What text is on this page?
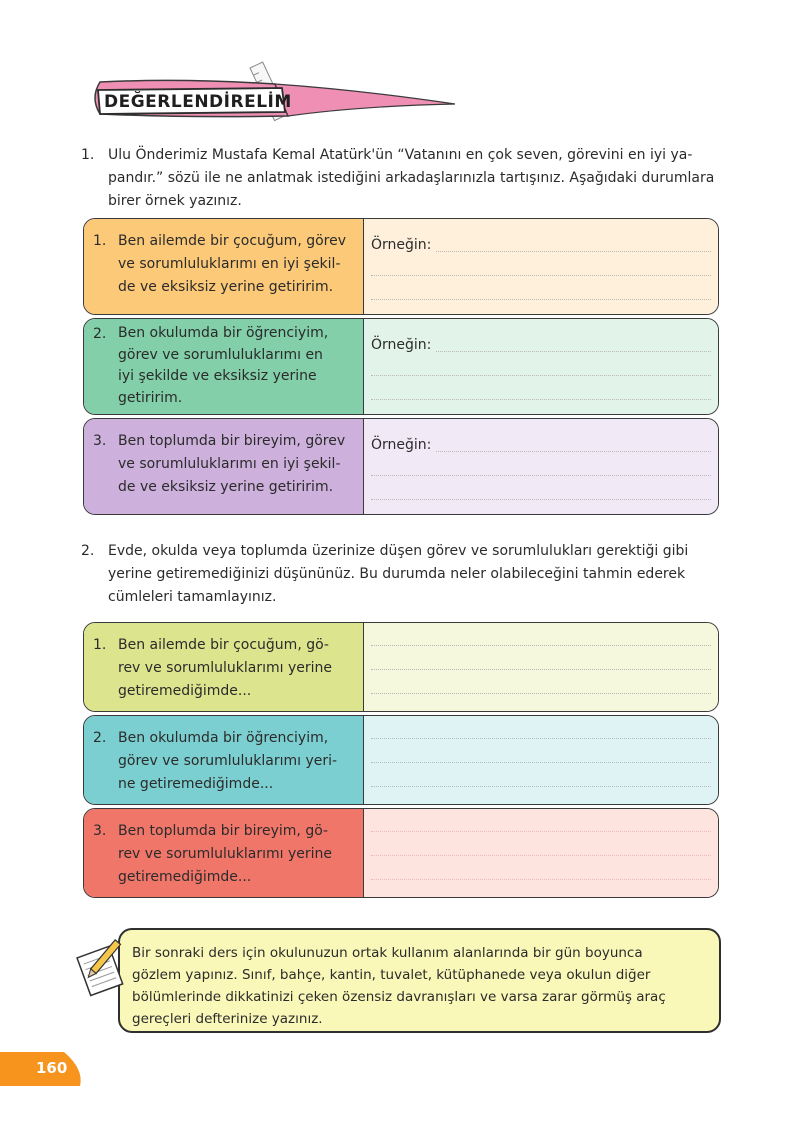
DEĞERLENDİRELİM
1. Ulu Önderimiz Mustafa Kemal Atatürk'ün “Vatanını en çok seven, görevini en iyi ya-
pandır.” sözü ile ne anlatmak istediğini arkadaşlarınızla tartışınız. Aşağıdaki durumlara
birer örnek yazınız.
1. Ben ailemde bir çocuğum, görev
ve sorumluluklarımı en iyi şekil-
de ve eksiksiz yerine getiririm.
Örneğin:
2. Ben okulumda bir öğrenciyim,
görev ve sorumluluklarımı en
iyi şekilde ve eksiksiz yerine
getiririm.
Örneğin:
3. Ben toplumda bir bireyim, görev
ve sorumluluklarımı en iyi şekil-
de ve eksiksiz yerine getiririm.
Örneğin:
2. Evde, okulda veya toplumda üzerinize düşen görev ve sorumlulukları gerektiği gibi
yerine getiremediğinizi düşününüz. Bu durumda neler olabileceğini tahmin ederek
cümleleri tamamlayınız.
1. Ben ailemde bir çocuğum, gö-
rev ve sorumluluklarımı yerine
getiremediğimde...
2. Ben okulumda bir öğrenciyim,
görev ve sorumluluklarımı yeri-
ne getiremediğimde...
3. Ben toplumda bir bireyim, gö-
rev ve sorumluluklarımı yerine
getiremediğimde...
Bir sonraki ders için okulunuzun ortak kullanım alanlarında bir gün boyunca
gözlem yapınız. Sınıf, bahçe, kantin, tuvalet, kütüphanede veya okulun diğer
bölümlerinde dikkatinizi çeken özensiz davranışları ve varsa zarar görmüş araç
gereçleri defterinize yazınız.
160
